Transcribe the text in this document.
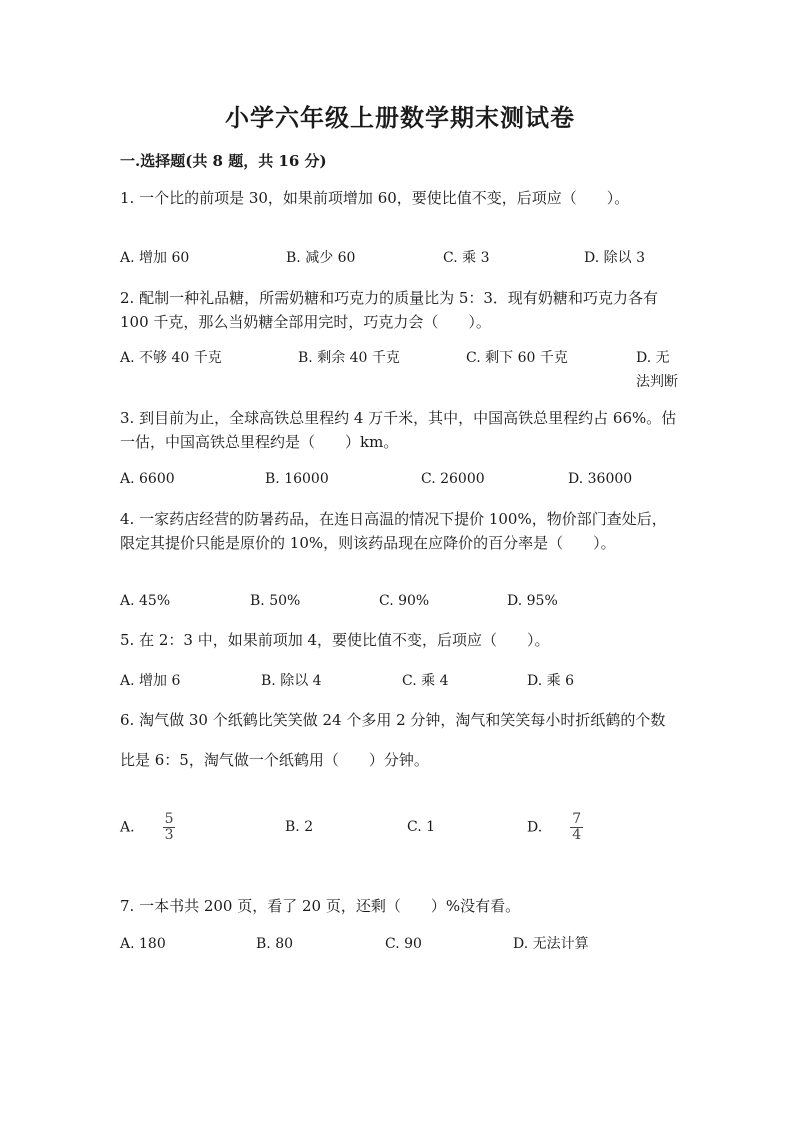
小学六年级上册数学期末测试卷
一.选择题(共 8 题，共 16 分)
1. 一个比的前项是 30，如果前项增加 60，要使比值不变，后项应（　　）。
A. 增加 60	B. 减少 60	C. 乘 3	D. 除以 3
2. 配制一种礼品糖，所需奶糖和巧克力的质量比为 5：3．现有奶糖和巧克力各有 100 千克，那么当奶糖全部用完时，巧克力会（　　）。
A. 不够 40 千克	B. 剩余 40 千克	C. 剩下 60 千克	D. 无法判断
3. 到目前为止，全球高铁总里程约 4 万千米，其中，中国高铁总里程约占 66%。估一估，中国高铁总里程约是（　　）km。
A. 6600	B. 16000	C. 26000	D. 36000
4. 一家药店经营的防暑药品，在连日高温的情况下提价 100%，物价部门查处后，限定其提价只能是原价的 10%，则该药品现在应降价的百分率是（　　）。
A. 45%	B. 50%	C. 90%	D. 95%
5. 在 2：3 中，如果前项加 4，要使比值不变，后项应（　　）。
A. 增加 6	B. 除以 4	C. 乘 4	D. 乘 6
6. 淘气做 30 个纸鹤比笑笑做 24 个多用 2 分钟，淘气和笑笑每小时折纸鹤的个数比是 6：5，淘气做一个纸鹤用（　　）分钟。
A. $\frac{5}{3}$	B. 2	C. 1	D. $\frac{7}{4}$
7. 一本书共 200 页，看了 20 页，还剩（　　）%没有看。
A. 180	B. 80	C. 90	D. 无法计算
